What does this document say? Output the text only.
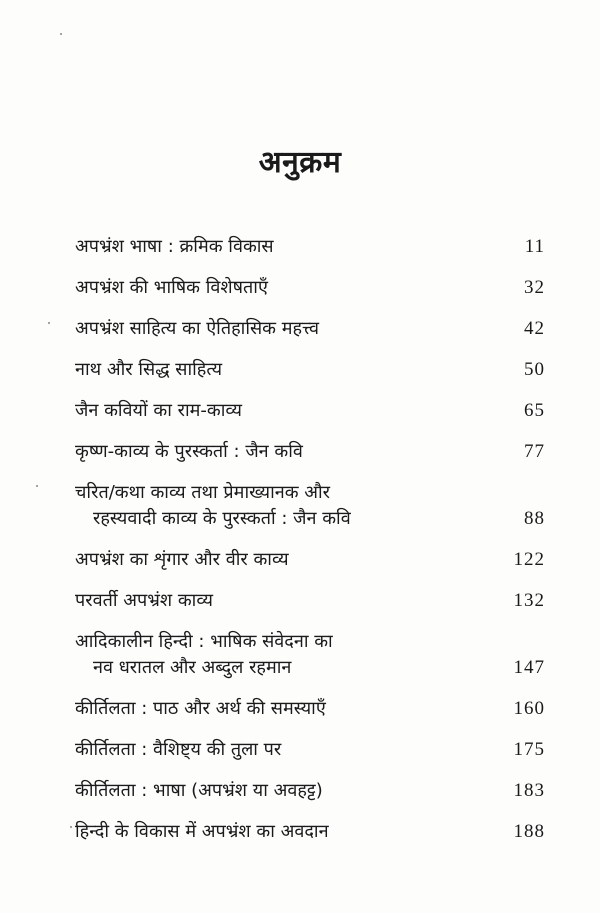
अनुक्रम
अपभ्रंश भाषा : क्रमिक विकास	11
अपभ्रंश की भाषिक विशेषताएँ	32
अपभ्रंश साहित्य का ऐतिहासिक महत्त्व	42
नाथ और सिद्ध साहित्य	50
जैन कवियों का राम-काव्य	65
कृष्ण-काव्य के पुरस्कर्ता : जैन कवि	77
चरित/कथा काव्य तथा प्रेमाख्यानक और
रहस्यवादी काव्य के पुरस्कर्ता : जैन कवि	88
अपभ्रंश का शृंगार और वीर काव्य	122
परवर्ती अपभ्रंश काव्य	132
आदिकालीन हिन्दी : भाषिक संवेदना का
नव धरातल और अब्दुल रहमान	147
कीर्तिलता : पाठ और अर्थ की समस्याएँ	160
कीर्तिलता : वैशिष्ट्य की तुला पर	175
कीर्तिलता : भाषा (अपभ्रंश या अवहट्ट)	183
हिन्दी के विकास में अपभ्रंश का अवदान	188
